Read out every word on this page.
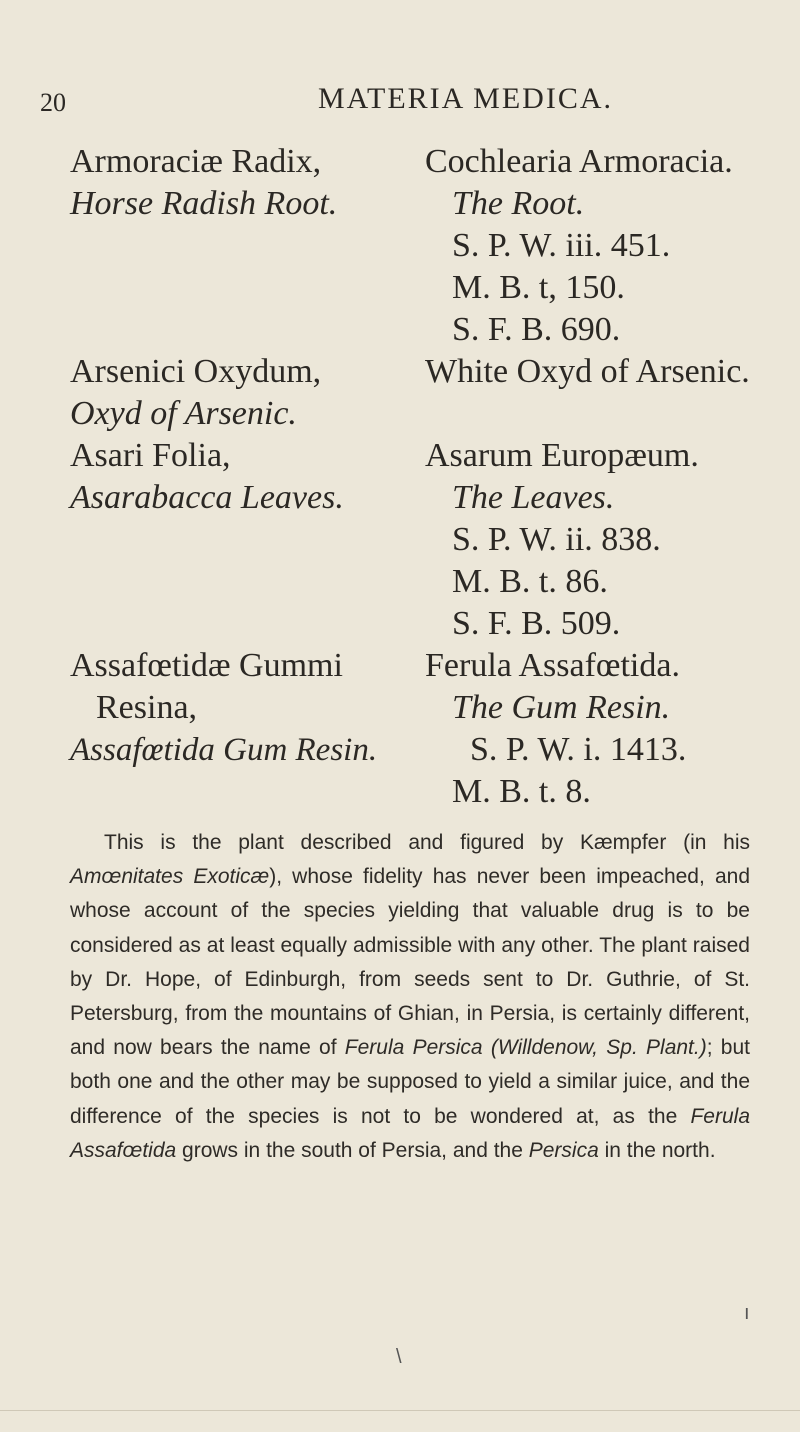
20	MATERIA MEDICA.
Armoraciæ Radix,
Horse Radish Root.
Cochlearia Armoracia.
The Root.
S. P. W. iii. 451.
M. B. t, 150.
S. F. B. 690.
Arsenici Oxydum,
Oxyd of Arsenic.
White Oxyd of Arsenic.
Asari Folia,
Asarabacca Leaves.
Asarum Europæum.
The Leaves.
S. P. W. ii. 838.
M. B. t. 86.
S. F. B. 509.
Assafœtidæ Gummi
Resina,
Assafœtida Gum Resin.
Ferula Assafœtida.
The Gum Resin.
S. P. W. i. 1413.
M. B. t. 8.

This is the plant described and figured by Kæmpfer (in his Amœnitates Exoticæ), whose fidelity has never been impeached, and whose account of the species yielding that valuable drug is to be considered as at least equally admissible with any other. The plant raised by Dr. Hope, of Edinburgh, from seeds sent to Dr. Guthrie, of St. Petersburg, from the mountains of Ghian, in Persia, is certainly different, and now bears the name of Ferula Persica (Willdenow, Sp. Plant.); but both one and the other may be supposed to yield a similar juice, and the difference of the species is not to be wondered at, as the Ferula Assafœtida grows in the south of Persia, and the Persica in the north.

ı
\
